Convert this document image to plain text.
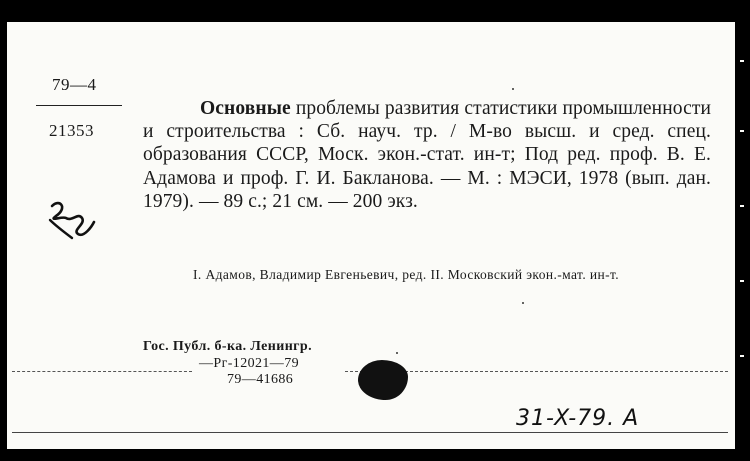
79—4
21353
Основные проблемы развития статистики промышленности и строительства : Сб. науч. тр. / М-во высш. и сред. спец. образования СССР, Моск. экон.-стат. ин-т; Под ред. проф. В. Е. Адамова и проф. Г. И. Бакланова. — М. : МЭСИ, 1978 (вып. дан. 1979). — 89 с.; 21 см. — 200 экз.
I. Адамов, Владимир Евгеньевич, ред. II. Московский экон.-мат. ин-т.
Гос. Публ. б-ка. Ленингр.
—Рг-12021—79
79—41686
31-X-79. А
